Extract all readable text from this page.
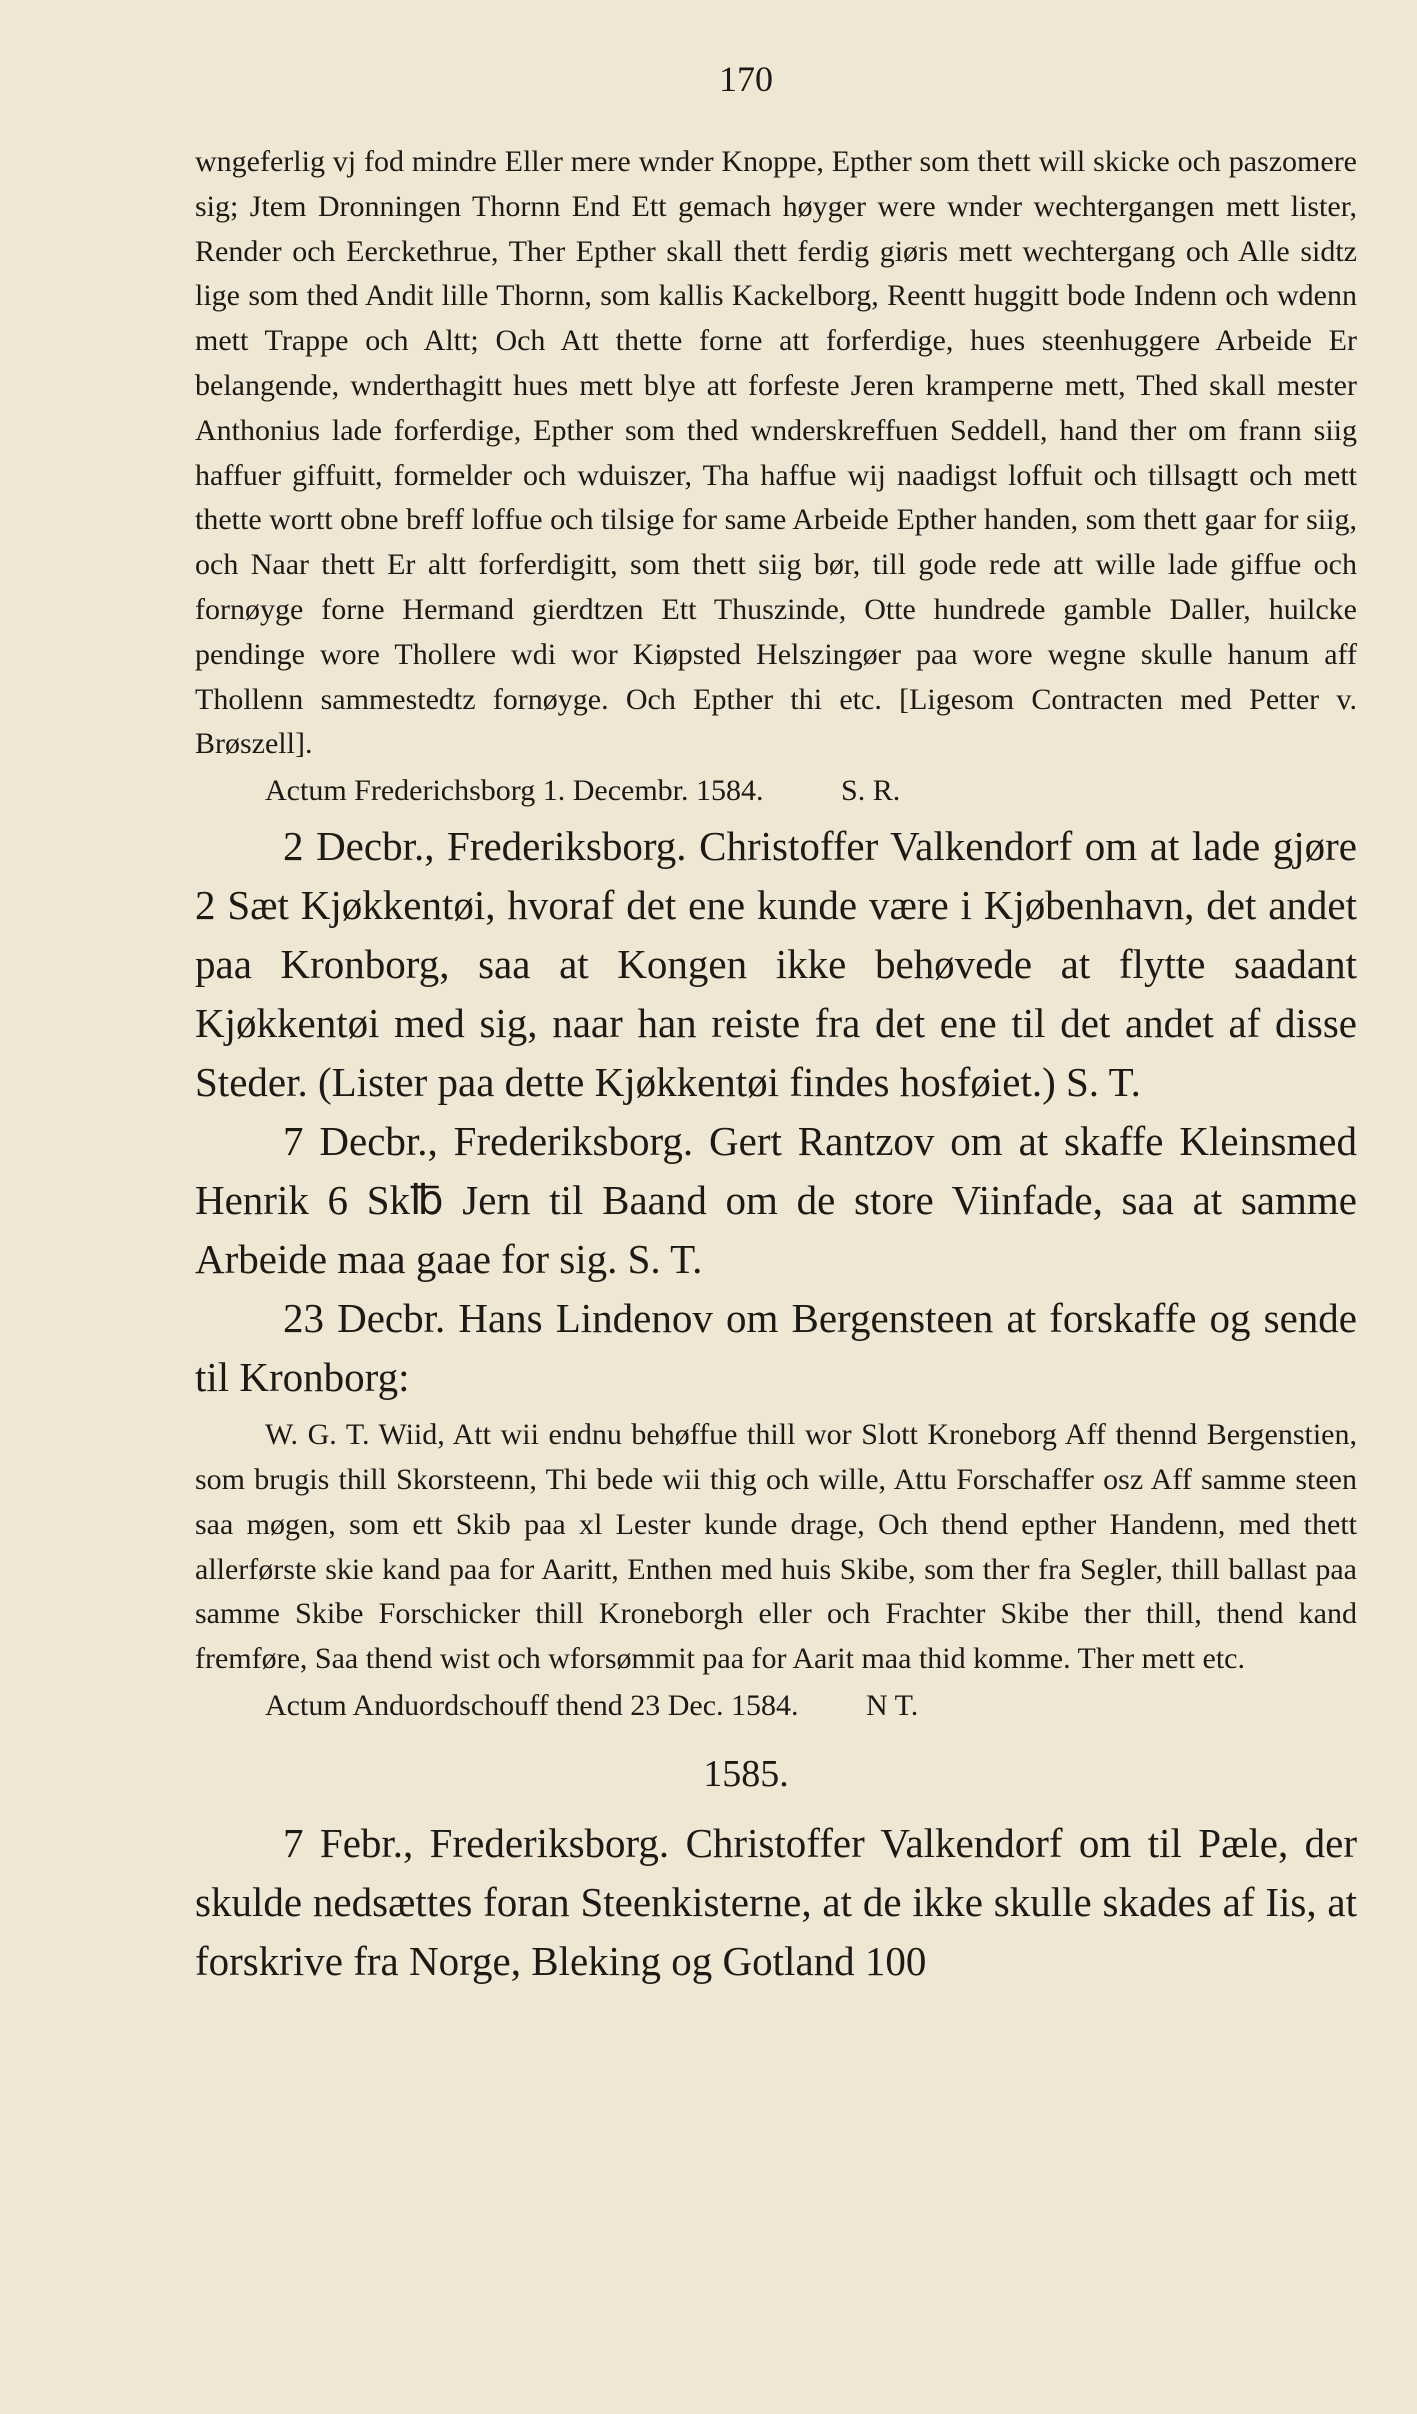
170

wngeferlig vj fod mindre Eller mere wnder Knoppe, Epther som thett will skicke och paszomere sig; Jtem Dronningen Thornn End Ett gemach høyger were wnder wechtergangen mett lister, Render och Eerckethrue, Ther Epther skall thett ferdig giøris mett wechtergang och Alle sidtz lige som thed Andit lille Thornn, som kallis Kackelborg, Reentt huggitt bode Indenn och wdenn mett Trappe och Altt; Och Att thette forne att forferdige, hues steenhuggere Arbeide Er belangende, wnderthagitt hues mett blye att forfeste Jeren kramperne mett, Thed skall mester Anthonius lade forferdige, Epther som thed wnderskreffuen Seddell, hand ther om frann siig haffuer giffuitt, formelder och wduiszer, Tha haffue wij naadigst loffuit och tillsagtt och mett thette wortt obne breff loffue och tilsige for same Arbeide Epther handen, som thett gaar for siig, och Naar thett Er altt forferdigitt, som thett siig bør, till gode rede att wille lade giffue och fornøyge forne Hermand gierdtzen Ett Thuszinde, Otte hundrede gamble Daller, huilcke pendinge wore Thollere wdi wor Kiøpsted Helszingøer paa wore wegne skulle hanum aff Thollenn sammestedtz fornøyge. Och Epther thi etc. [Ligesom Contracten med Petter v. Brøszell].

Actum Frederichsborg 1. Decembr. 1584.	S. R.

2 Decbr., Frederiksborg. Christoffer Valkendorf om at lade gjøre 2 Sæt Kjøkkentøi, hvoraf det ene kunde være i Kjøbenhavn, det andet paa Kronborg, saa at Kongen ikke behøvede at flytte saadant Kjøkkentøi med sig, naar han reiste fra det ene til det andet af disse Steder. (Lister paa dette Kjøkkentøi findes hosføiet.) S. T.

7 Decbr., Frederiksborg. Gert Rantzov om at skaffe Kleinsmed Henrik 6 Sk℔ Jern til Baand om de store Viinfade, saa at samme Arbeide maa gaae for sig. S. T.

23 Decbr. Hans Lindenov om Bergensteen at forskaffe og sende til Kronborg:

W. G. T. Wiid, Att wii endnu behøffue thill wor Slott Kroneborg Aff thennd Bergenstien, som brugis thill Skorsteenn, Thi bede wii thig och wille, Attu Forschaffer osz Aff samme steen saa møgen, som ett Skib paa xl Lester kunde drage, Och thend epther Handenn, med thett allerførste skie kand paa for Aaritt, Enthen med huis Skibe, som ther fra Segler, thill ballast paa samme Skibe Forschicker thill Kroneborgh eller och Frachter Skibe ther thill, thend kand fremføre, Saa thend wist och wforsømmit paa for Aarit maa thid komme. Ther mett etc.

Actum Anduordschouff thend 23 Dec. 1584. N T.
1585.

7 Febr., Frederiksborg. Christoffer Valkendorf om til Pæle, der skulde nedsættes foran Steenkisterne, at de ikke skulle skades af Iis, at forskrive fra Norge, Bleking og Gotland 100
